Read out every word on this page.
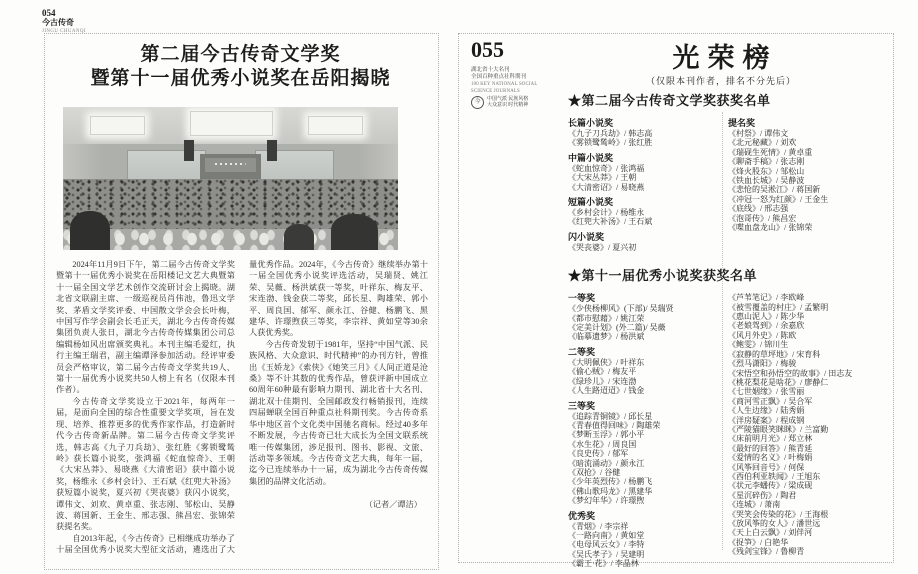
054
今古传奇
JINGU CHUANQI
第二届今古传奇文学奖
暨第十一届优秀小说奖在岳阳揭晓

2024年11月9日下午，第二届今古传奇文学奖暨第十一届优秀小说奖在岳阳楼记文艺大典暨第十一届全国文学艺术创作交流研讨会上揭晓。湖北省文联副主席、一级巡视员肖伟池，鲁迅文学奖、茅盾文学奖评委、中国散文学会会长叶梅，中国写作学会副会长毛正天，湖北今古传奇传媒集团负责人张日，湖北今古传奇传媒集团公司总编辑杨如风出席颁奖典礼。本刊主编毛爱红，执行主编王瑞君，副主编谭泽参加活动。经评审委员会严格审议，第二届今古传奇文学奖共19人、第十一届优秀小说奖共50人榜上有名（仅限本刊作者）。

今古传奇文学奖设立于2021年，每两年一届，是面向全国的综合性重要文学奖项，旨在发现、培养、推荐更多的优秀作家作品，打造新时代今古传奇新品牌。第二届今古传奇文学奖评选，韩志高《九子刀兵劫》、张红胜《雾锁鹭鸶岭》获长篇小说奖，张鸿福《蛇血惊奇》、王朝《大宋丛莽》、易晓燕《大清密诏》获中篇小说奖，杨维永《乡村会计》、王石斌《红兜大补汤》获短篇小说奖，夏兴初《哭丧婆》获闪小说奖，谭伟文、刘欢、黄卓重、张志刚、邹松山、吴静波、蒋国新、王金生、邢志强、熊昌宏、张锦荣获提名奖。

自2013年起，《今古传奇》已相继成功举办了十届全国优秀小说奖大型征文活动，遴选出了大量优秀作品。2024年，《今古传奇》继续举办第十一届全国优秀小说奖评选活动，吴瑞贤、姚江荣、吴薇、杨洪斌获一等奖，叶祥东、梅友平、宋连渤、钱金获二等奖，邱长星、陶雄荣、郭小平、周良国、郁军、颜永江、谷健、杨鹏飞、黑建华、许璟煦获三等奖，李宗祥、黄如堂等30余人获优秀奖。

今古传奇发轫于1981年，坚持“中国气派、民族风格、大众意识、时代精神”的办刊方针，曾推出《玉娇龙》《索侠》《她笑三月》《人间正道是沧桑》等不计其数的优秀作品，曾获评新中国成立60周年60种最有影响力期刊、湖北省十大名刊、湖北双十佳期刊、全国邮政发行畅销报刊，连续四届蝉联全国百种重点社科期刊奖。今古传奇系华中地区首个文化类中国驰名商标。经过40多年不断发展，今古传奇已壮大成长为全国文联系统唯一传媒集团，涉足报刊、图书、影视、文旅、活动等多领域。今古传奇文艺大典，每年一届，迄今已连续举办十一届，成为湖北今古传奇传媒集团的品牌文化活动。

（记者／谭洁）

055
湖北省十大名刊
全国百种重点社科期刊
100 KEY NATIONAL SOCIAL SCIENCE JOURNALS
今	中国气派 民族风格
大众意识 时代精神
光荣榜
（仅限本刊作者，排名不分先后）
★第二届今古传奇文学奖获奖名单
长篇小说奖
《九子刀兵劫》/ 韩志高
《雾锁鹭鸶岭》/ 张红胜
中篇小说奖
《蛇血惊奇》/ 张鸿福
《大宋丛莽》/ 王朝
《大清密诏》/ 易晓燕
短篇小说奖
《乡村会计》/ 杨维永
《红兜大补汤》/ 王石斌
闪小说奖
《哭丧婆》/ 夏兴初
提名奖
《村祭》/ 谭伟文
《北元秘藏》/ 刘欢
《瑞砚生死情》/ 黄卓重
《聊斋手稿》/ 张志刚
《烽火股东》/ 邹松山
《铁血长城》/ 吴静波
《悲怆的吴淞江》/ 蒋国新
《冲冠一怒为红颜》/ 王金生
《底线》/ 邢志强
《泡哥传》/ 熊昌宏
《喋血盘龙山》/ 张锦荣
★第十一届优秀小说奖获奖名单
一等奖
《少侠杨柳风》(下部)/ 吴瑞贤
《都市慰藉》/ 姚江荣
《定美计划》(外二篇)/ 吴薇
《临摹遗梦》/ 杨洪斌
二等奖
《大明佩侠》/ 叶祥东
《偷心贼》/ 梅友平
《绿珍儿》/ 宋连渤
《人生路迢迢》/ 钱金
三等奖
《追踪青铜镜》/ 邱长星
《青春值得回味》/ 陶雄荣
《梦断玉浮》/ 郭小平
《水生花》/ 周良国
《良史传》/ 郁军
《暗流涌动》/ 颜永江
《双抢》/ 谷健
《少年英烈传》/ 杨鹏飞
《佛山歌玛龙》/ 黑建华
《梦幻年华》/ 许璟煦
优秀奖
《青烟》/ 李宗祥
《一路向南》/ 黄如堂
《电母风云女》/ 李特
《吴氏孝子》/ 吴建明
《霸王·花》/ 李晶林
《芦苇笔记》/ 李欧峰
《被雪覆盖的村庄》/ 孟繁明
《惠山泥人》/ 陈少华
《老娘驾到》/ 余嘉欣
《风月外史》/ 陈欧
《鲍雯》/ 锦川生
《寂静的草坪地》/ 宋育科
《烈马潇阳》/ 梅骏
《宋悟空和孙悟空的故事》/ 田志友
《桃花梨花是啥花》/ 廖静仁
《七世姻缘》/ 张雪丽
《商河雪正飘》/ 吴合军
《人生边缘》/ 陆秀娟
《洋房疑案》/ 程成钢
《严陵猫眼笑眯眯》/ 兰富勤
《床前明月光》/ 郑立林
《最好的回答》/ 熊青延
《爱情的名义》/ 叶梅娟
《风筝回音号》/ 何保
《西伯利亚轶闻》/ 王旭东
《状元李蟠传》/ 梁成砚
《星沉碎伤》/ 陶君
《连城》/ 萧南
《哭笑会传染的花》/ 王海根
《放风筝的女人》/ 潘世远
《天上白云飘》/ 刘伴河
《捉笋》/ 白艳华
《残剑宝锋》/ 鲁柳青
